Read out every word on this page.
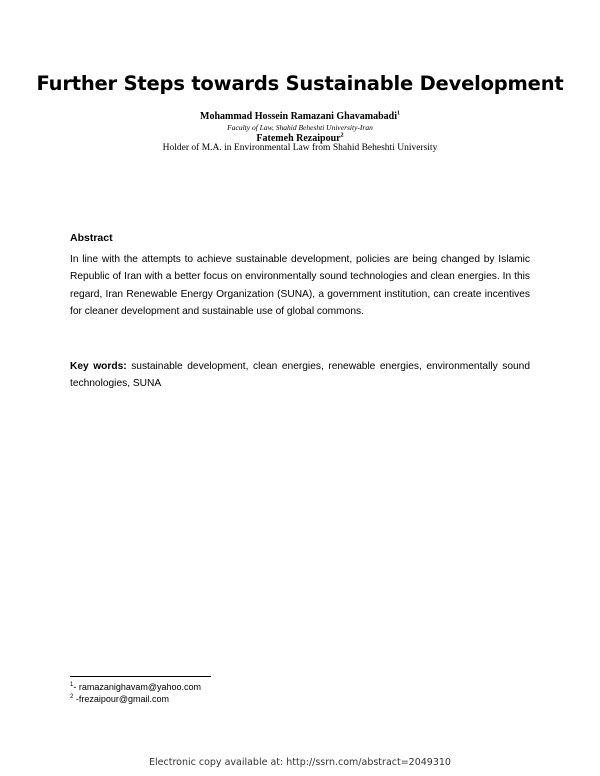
Further Steps towards Sustainable Development
Mohammad Hossein Ramazani Ghavamabadi$^1$
Faculty of Law, Shahid Beheshti University-Iran
Fatemeh Rezaipour$^2$
Holder of M.A. in Environmental Law from Shahid Beheshti University
Abstract
In line with the attempts to achieve sustainable development, policies are being changed by Islamic Republic of Iran with a better focus on environmentally sound technologies and clean energies. In this regard, Iran Renewable Energy Organization (SUNA), a government institution, can create incentives for cleaner development and sustainable use of global commons.
Key words: sustainable development, clean energies, renewable energies, environmentally sound technologies, SUNA
$^1$- ramazanighavam@yahoo.com
$^2$ -frezaipour@gmail.com
Electronic copy available at: http://ssrn.com/abstract=2049310
